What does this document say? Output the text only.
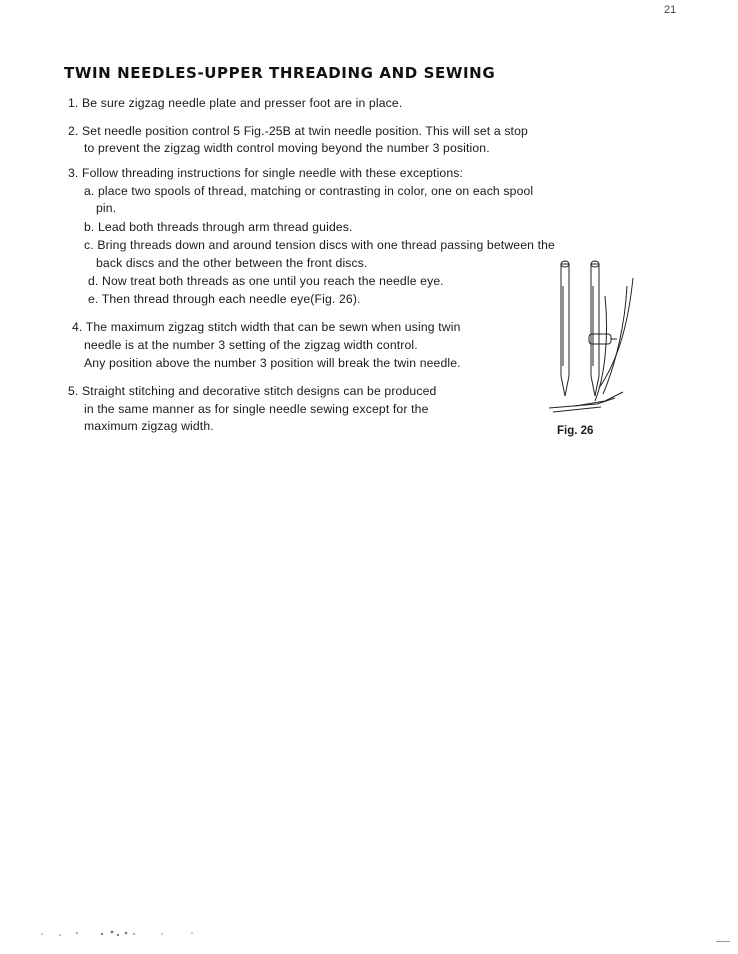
21
TWIN NEEDLES-UPPER THREADING AND SEWING
1. Be sure zigzag needle plate and presser foot are in place.
2. Set needle position control 5 Fig.-25B at twin needle position. This will set a stop
to prevent the zigzag width control moving beyond the number 3 position.
3. Follow threading instructions for single needle with these exceptions:
a. place two spools of thread, matching or contrasting in color, one on each spool
pin.
b. Lead both threads through arm thread guides.
c. Bring threads down and around tension discs with one thread passing between the
back discs and the other between the front discs.
d. Now treat both threads as one until you reach the needle eye.
e. Then thread through each needle eye(Fig. 26).
4. The maximum zigzag stitch width that can be sewn when using twin
needle is at the number 3 setting of the zigzag width control.
Any position above the number 3 position will break the twin needle.
5. Straight stitching and decorative stitch designs can be produced
in the same manner as for single needle sewing except for the
maximum zigzag width.	Fig. 26
